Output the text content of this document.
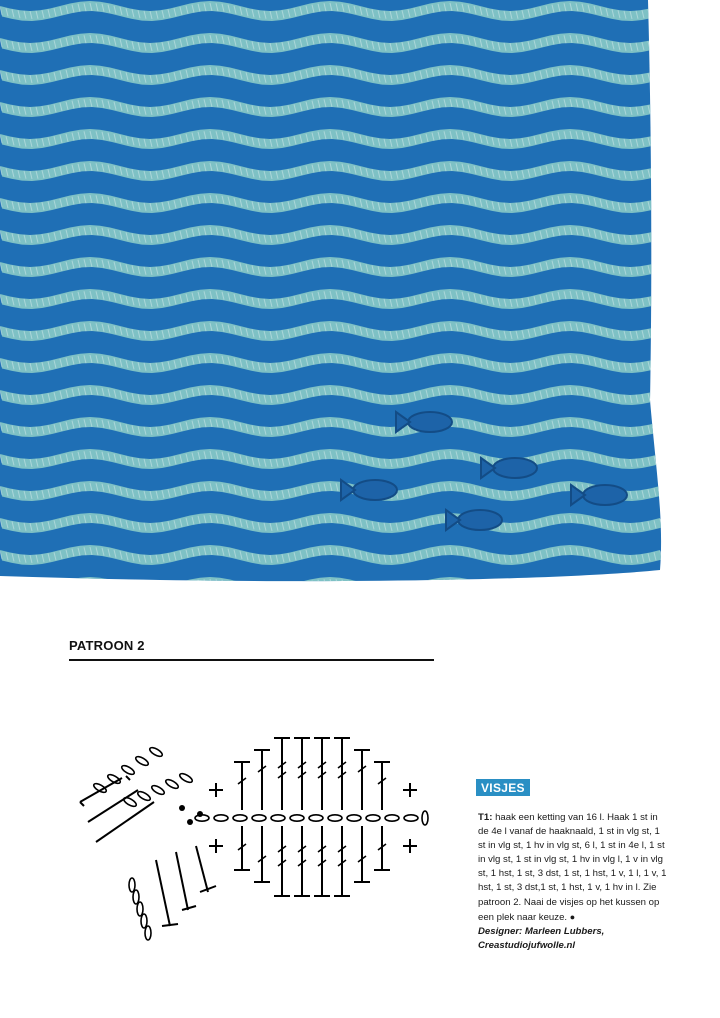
PATROON 2
VISJES
T1: haak een ketting van 16 l. Haak 1 st in de 4e l vanaf de haaknaald, 1 st in vlg st, 1 st in vlg st, 1 hv in vlg st, 6 l, 1 st in 4e l, 1 st in vlg st, 1 st in vlg st, 1 hv in vlg l, 1 v in vlg st, 1 hst, 1 st, 3 dst, 1 st, 1 hst, 1 v, 1 l, 1 v, 1 hst, 1 st, 3 dst,1 st, 1 hst, 1 v, 1 hv in l. Zie patroon 2. Naai de visjes op het kussen op een plek naar keuze. ●
Designer: Marleen Lubbers,
Creastudiojufwolle.nl
